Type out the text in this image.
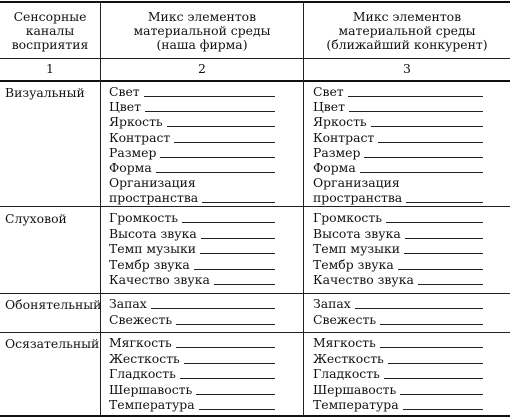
Сенсорные
каналы
восприятия
Микс элементов
материальной среды
(наша фирма)
Микс элементов
материальной среды
(ближайший конкурент)
1	2	3
Визуальный
Слуховой
Обонятельный
Осязательный
Свет
Цвет
Яркость
Контраст
Размер
Форма
Организация
пространства
Громкость
Высота звука
Темп музыки
Тембр звука
Качество звука
Запах
Свежесть
Мягкость
Жесткость
Гладкость
Шершавость
Температура
Свет
Цвет
Яркость
Контраст
Размер
Форма
Организация
пространства
Громкость
Высота звука
Темп музыки
Тембр звука
Качество звука
Запах
Свежесть
Мягкость
Жесткость
Гладкость
Шершавость
Температура
